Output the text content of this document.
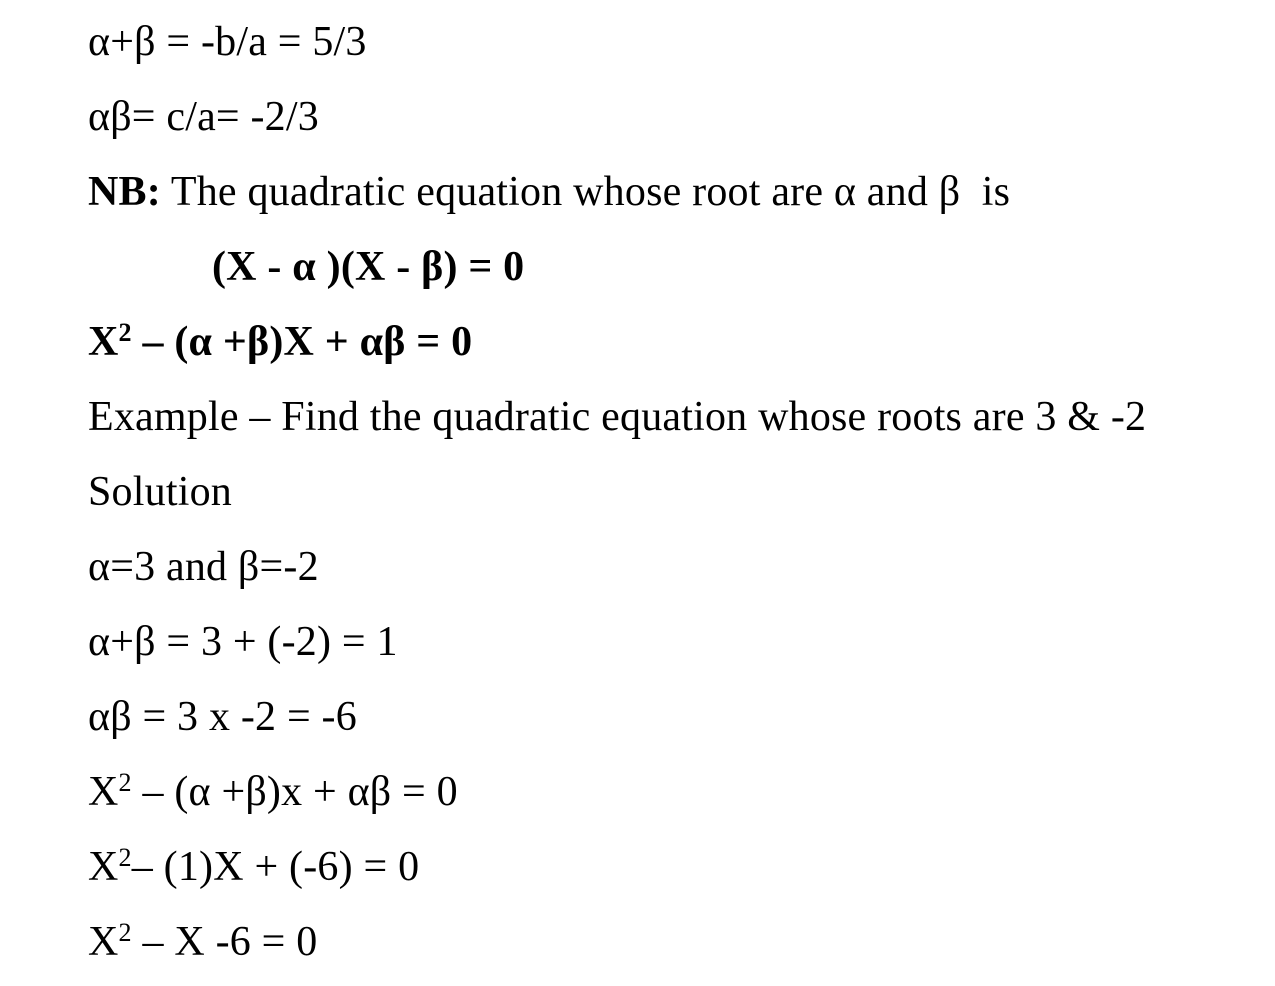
α+β = -b/a = 5/3
αβ= c/a= -2/3
NB: The quadratic equation whose root are α and β  is
(X - α )(X - β) = 0
$X^2 - (\alpha +\beta)X + \alpha\beta = 0$
Example – Find the quadratic equation whose roots are 3 & -2
Solution
α=3 and β=-2
α+β = 3 + (-2) = 1
αβ = 3 x -2 = -6
$X^2 - (\alpha +\beta)x + \alpha\beta = 0$
$X^2-$ (1)X + (-6) = 0
$X^2$ – X -6 = 0
